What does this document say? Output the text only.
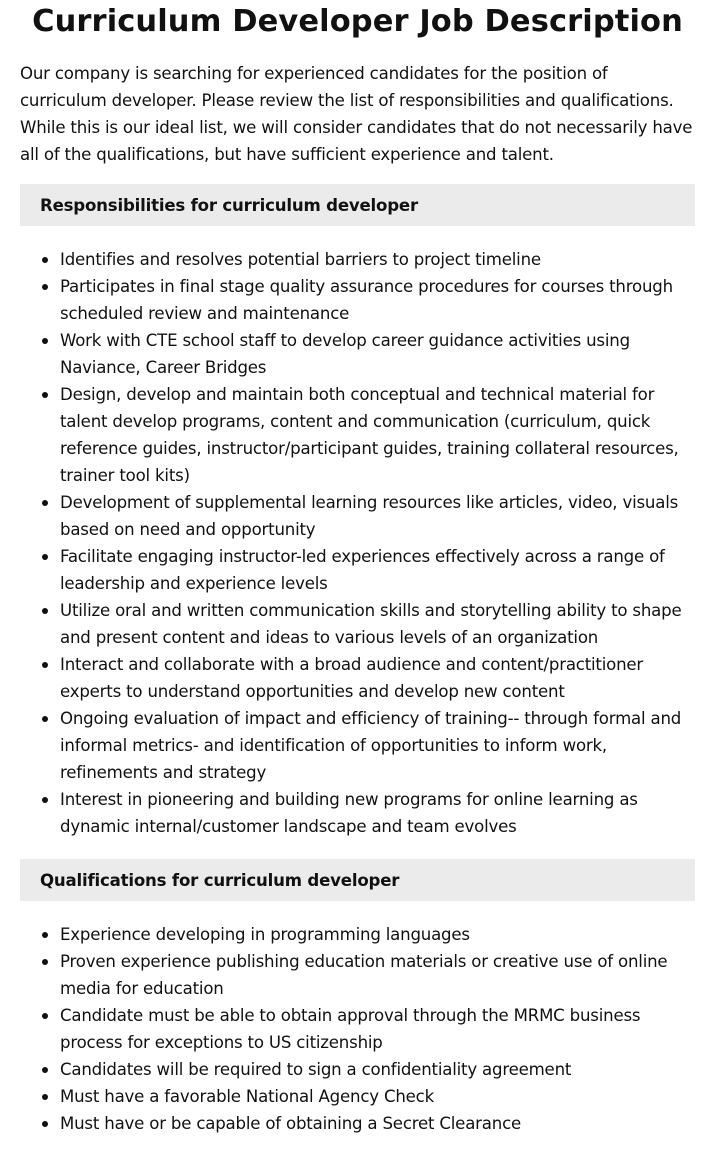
Curriculum Developer Job Description

Our company is searching for experienced candidates for the position of curriculum developer. Please review the list of responsibilities and qualifications. While this is our ideal list, we will consider candidates that do not necessarily have all of the qualifications, but have sufficient experience and talent.

Responsibilities for curriculum developer
Identifies and resolves potential barriers to project timeline
Participates in final stage quality assurance procedures for courses through scheduled review and maintenance
Work with CTE school staff to develop career guidance activities using Naviance, Career Bridges
Design, develop and maintain both conceptual and technical material for talent develop programs, content and communication (curriculum, quick reference guides, instructor/participant guides, training collateral resources, trainer tool kits)
Development of supplemental learning resources like articles, video, visuals based on need and opportunity
Facilitate engaging instructor-led experiences effectively across a range of leadership and experience levels
Utilize oral and written communication skills and storytelling ability to shape and present content and ideas to various levels of an organization
Interact and collaborate with a broad audience and content/practitioner experts to understand opportunities and develop new content
Ongoing evaluation of impact and efficiency of training-- through formal and informal metrics- and identification of opportunities to inform work, refinements and strategy
Interest in pioneering and building new programs for online learning as dynamic internal/customer landscape and team evolves
Qualifications for curriculum developer
Experience developing in programming languages
Proven experience publishing education materials or creative use of online media for education
Candidate must be able to obtain approval through the MRMC business process for exceptions to US citizenship
Candidates will be required to sign a confidentiality agreement
Must have a favorable National Agency Check
Must have or be capable of obtaining a Secret Clearance
